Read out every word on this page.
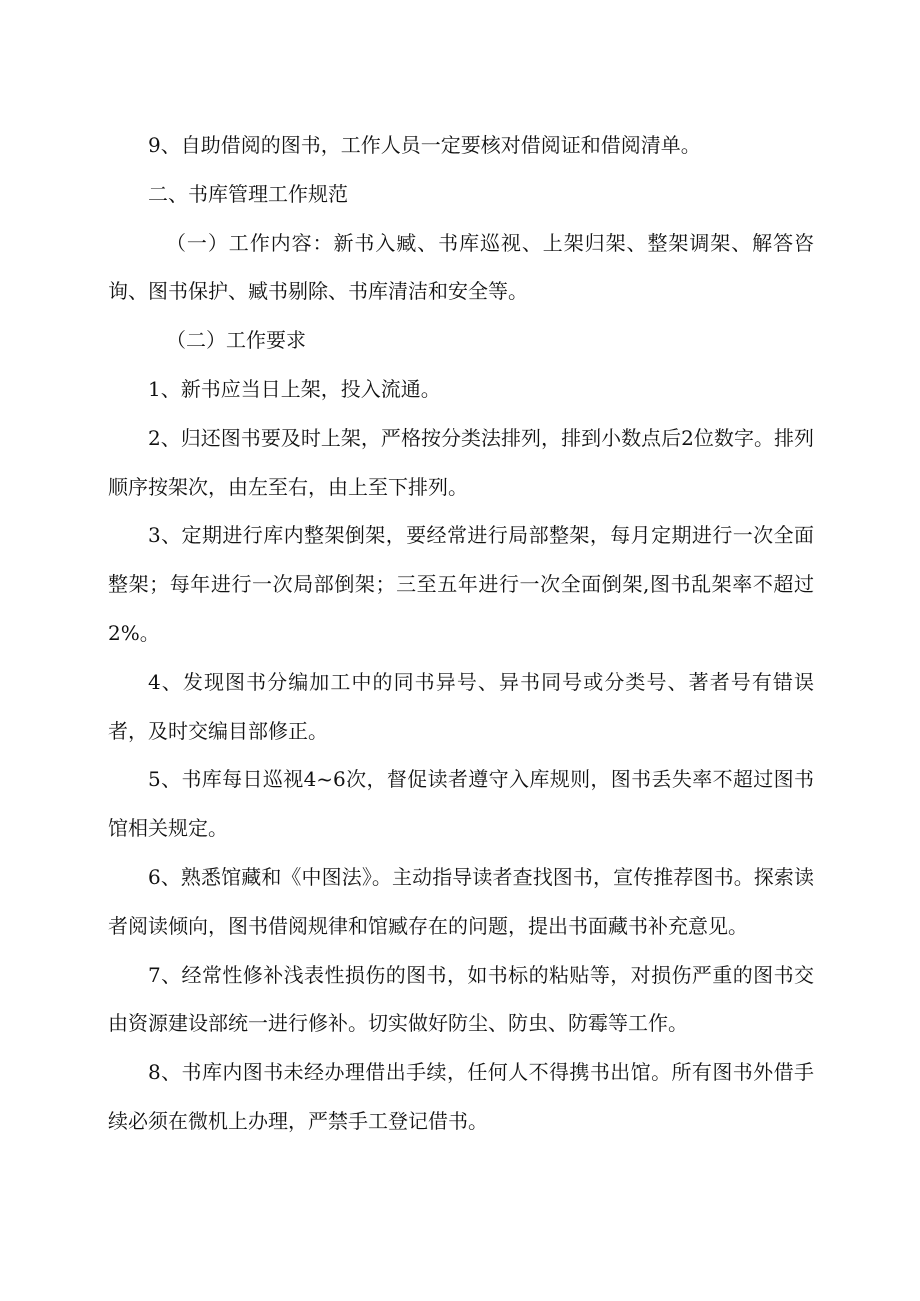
9、自助借阅的图书，工作人员一定要核对借阅证和借阅清单。

二、书库管理工作规范

（一）工作内容：新书入臧、书库巡视、上架归架、整架调架、解答咨询、图书保护、臧书剔除、书库清洁和安全等。

（二）工作要求

1、新书应当日上架，投入流通。

2、归还图书要及时上架，严格按分类法排列，排到小数点后2位数字。排列顺序按架次，由左至右，由上至下排列。

3、定期进行库内整架倒架，要经常进行局部整架，每月定期进行一次全面整架；每年进行一次局部倒架；三至五年进行一次全面倒架,图书乱架率不超过2%。

4、发现图书分编加工中的同书异号、异书同号或分类号、著者号有错误者，及时交编目部修正。

5、书库每日巡视4~6次，督促读者遵守入库规则，图书丢失率不超过图书馆相关规定。

6、熟悉馆藏和《中图法》。主动指导读者查找图书，宣传推荐图书。探索读者阅读倾向，图书借阅规律和馆臧存在的问题，提出书面藏书补充意见。

7、经常性修补浅表性损伤的图书，如书标的粘贴等，对损伤严重的图书交由资源建设部统一进行修补。切实做好防尘、防虫、防霉等工作。

8、书库内图书未经办理借出手续，任何人不得携书出馆。所有图书外借手续必须在微机上办理，严禁手工登记借书。
